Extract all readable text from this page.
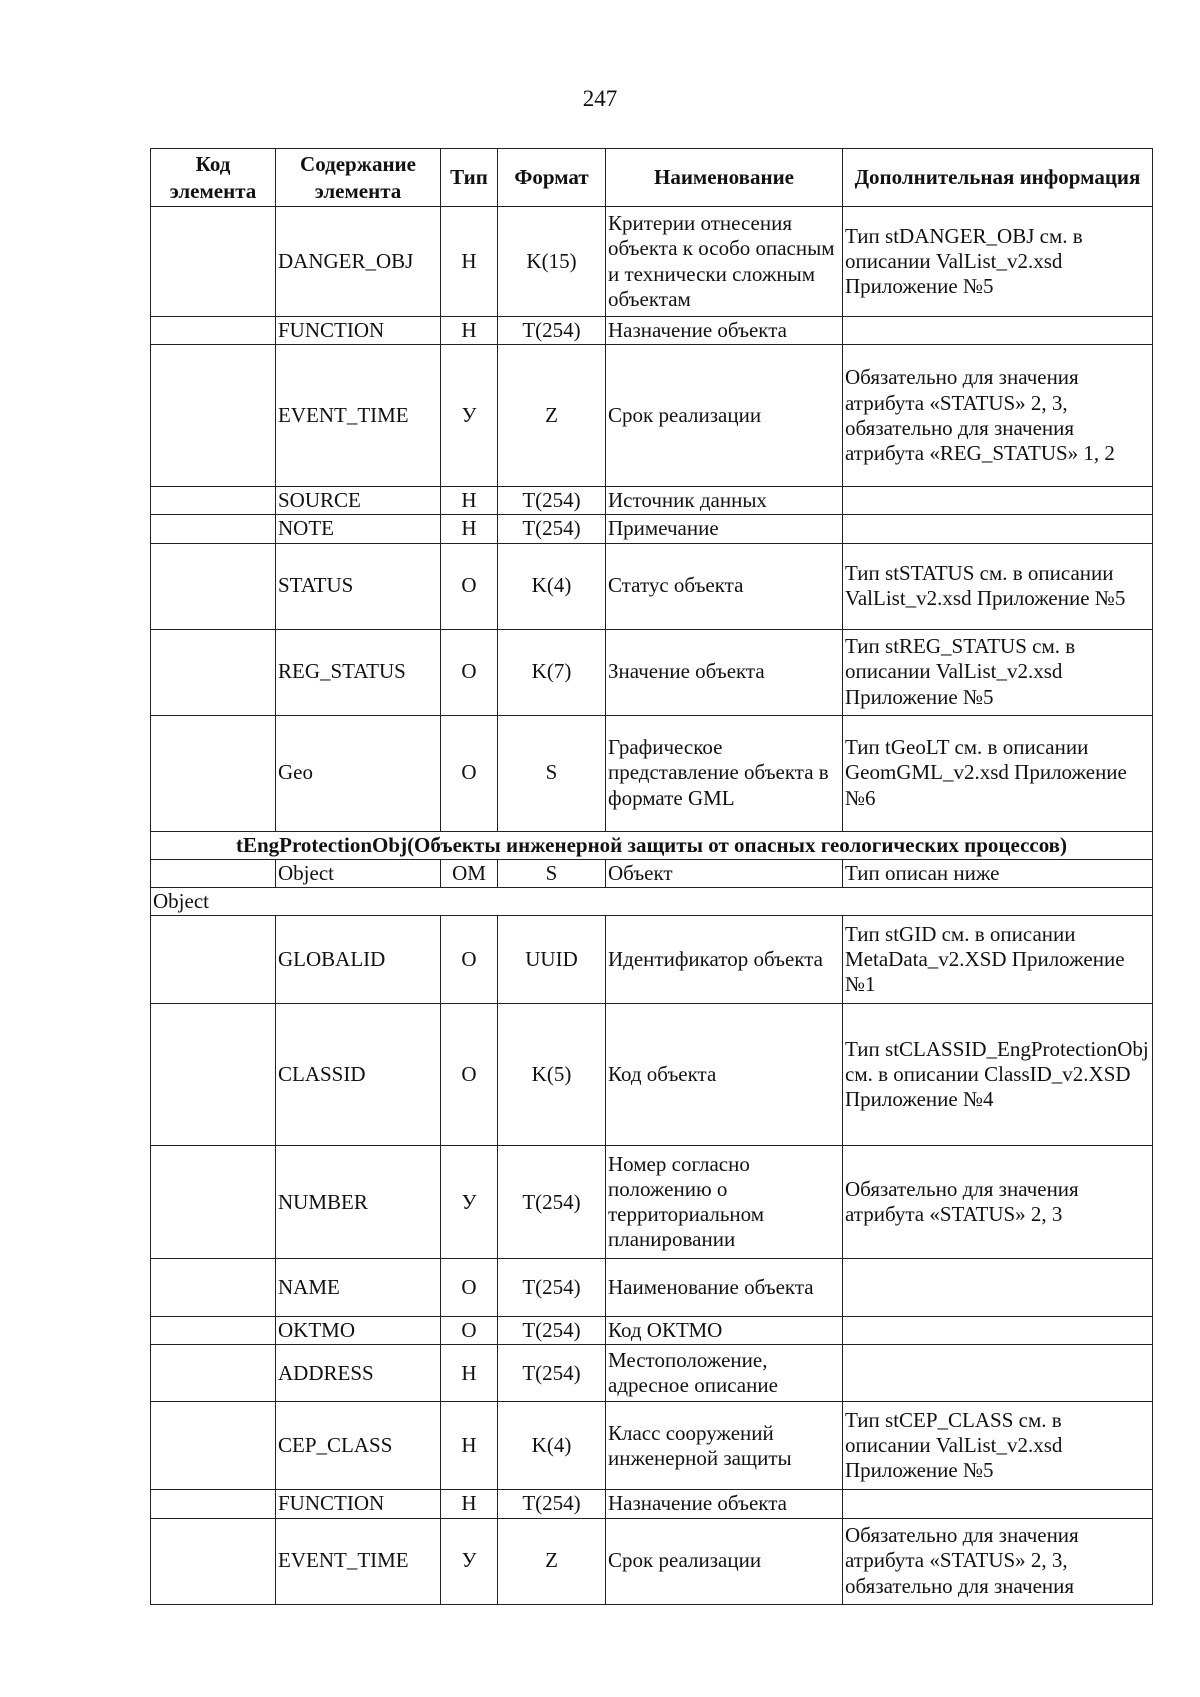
247
Код элемента	Содержание элемента	Тип	Формат	Наименование	Дополнительная информация
	DANGER_OBJ	Н	K(15)	Критерии отнесения объекта к особо опасным и технически сложным объектам	Тип stDANGER_OBJ см. в описании ValList_v2.xsd Приложение №5
	FUNCTION	Н	T(254)	Назначение объекта	
	EVENT_TIME	У	Z	Срок реализации	Обязательно для значения атрибута «STATUS» 2, 3, обязательно для значения атрибута «REG_STATUS» 1, 2
	SOURCE	Н	T(254)	Источник данных	
	NOTE	Н	T(254)	Примечание	
	STATUS	О	K(4)	Статус объекта	Тип stSTATUS см. в описании ValList_v2.xsd Приложение №5
	REG_STATUS	О	K(7)	Значение объекта	Тип stREG_STATUS см. в описании ValList_v2.xsd Приложение №5
	Geo	О	S	Графическое представление объекта в формате GML	Тип tGeoLT см. в описании GeomGML_v2.xsd Приложение №6
tEngProtectionObj(Объекты инженерной защиты от опасных геологических процессов)					
	Object	ОМ	S	Объект	Тип описан ниже
Object					
	GLOBALID	О	UUID	Идентификатор объекта	Тип stGID см. в описании MetaData_v2.XSD Приложение №1
	CLASSID	О	K(5)	Код объекта	Тип stCLASSID_EngProtectionObj см. в описании ClassID_v2.XSD Приложение №4
	NUMBER	У	T(254)	Номер согласно положению о территориальном планировании	Обязательно для значения атрибута «STATUS» 2, 3
	NAME	О	T(254)	Наименование объекта	
	OKTMO	О	T(254)	Код ОКТМО	
	ADDRESS	Н	T(254)	Местоположение, адресное описание	
	CEP_CLASS	Н	K(4)	Класс сооружений инженерной защиты	Тип stCEP_CLASS см. в описании ValList_v2.xsd Приложение №5
	FUNCTION	Н	T(254)	Назначение объекта	
	EVENT_TIME	У	Z	Срок реализации	Обязательно для значения атрибута «STATUS» 2, 3, обязательно для значения
